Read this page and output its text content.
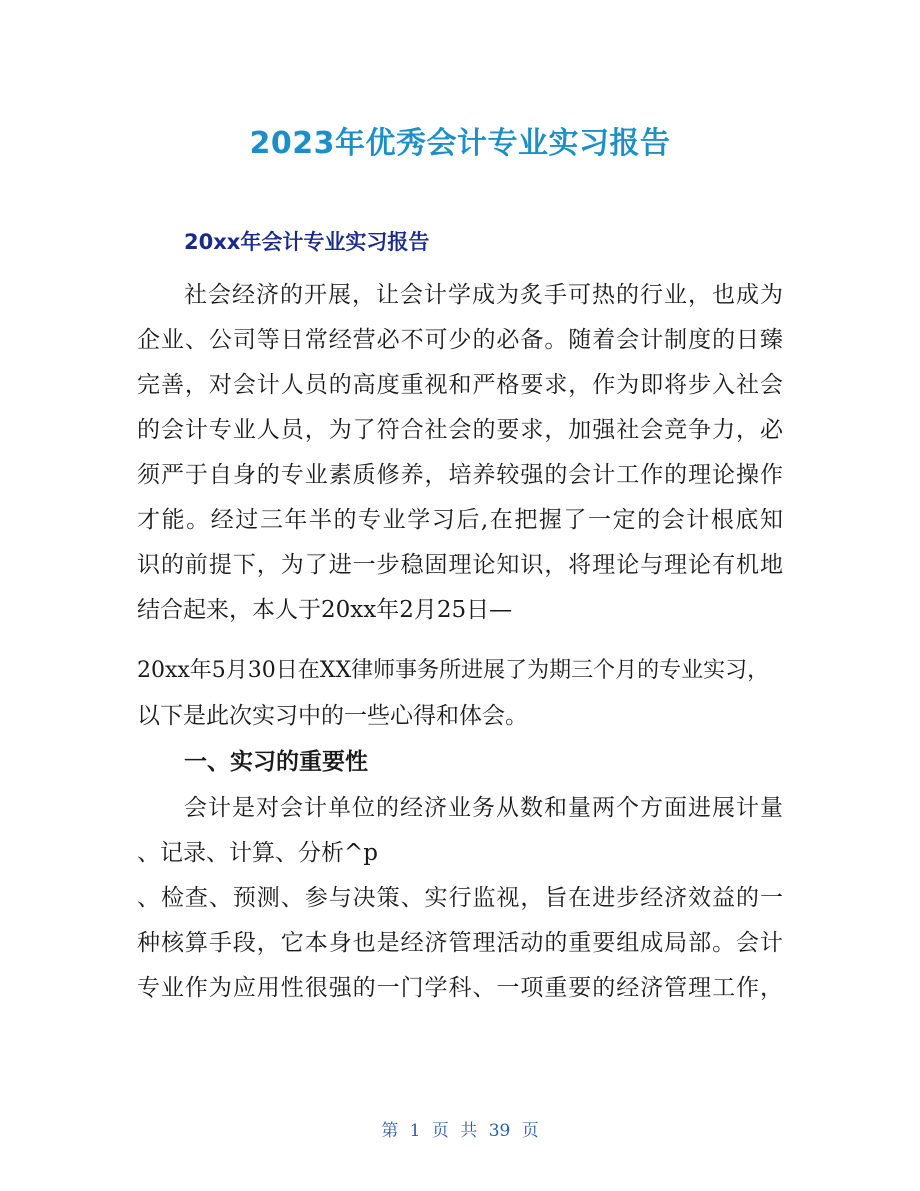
2023年优秀会计专业实习报告
20xx年会计专业实习报告
社会经济的开展，让会计学成为炙手可热的行业，也成为
企业、公司等日常经营必不可少的必备。随着会计制度的日臻
完善，对会计人员的高度重视和严格要求，作为即将步入社会
的会计专业人员，为了符合社会的要求，加强社会竞争力，必
须严于自身的专业素质修养，培养较强的会计工作的理论操作
才能。经过三年半的专业学习后,在把握了一定的会计根底知
识的前提下，为了进一步稳固理论知识，将理论与理论有机地
结合起来，本人于20xx年2月25日—
20xx年5月30日在XX律师事务所进展了为期三个月的专业实习，
以下是此次实习中的一些心得和体会。
一、实习的重要性
会计是对会计单位的经济业务从数和量两个方面进展计量
、记录、计算、分析^p
、检查、预测、参与决策、实行监视，旨在进步经济效益的一
种核算手段，它本身也是经济管理活动的重要组成局部。会计
专业作为应用性很强的一门学科、一项重要的经济管理工作，
第 1 页 共 39 页
